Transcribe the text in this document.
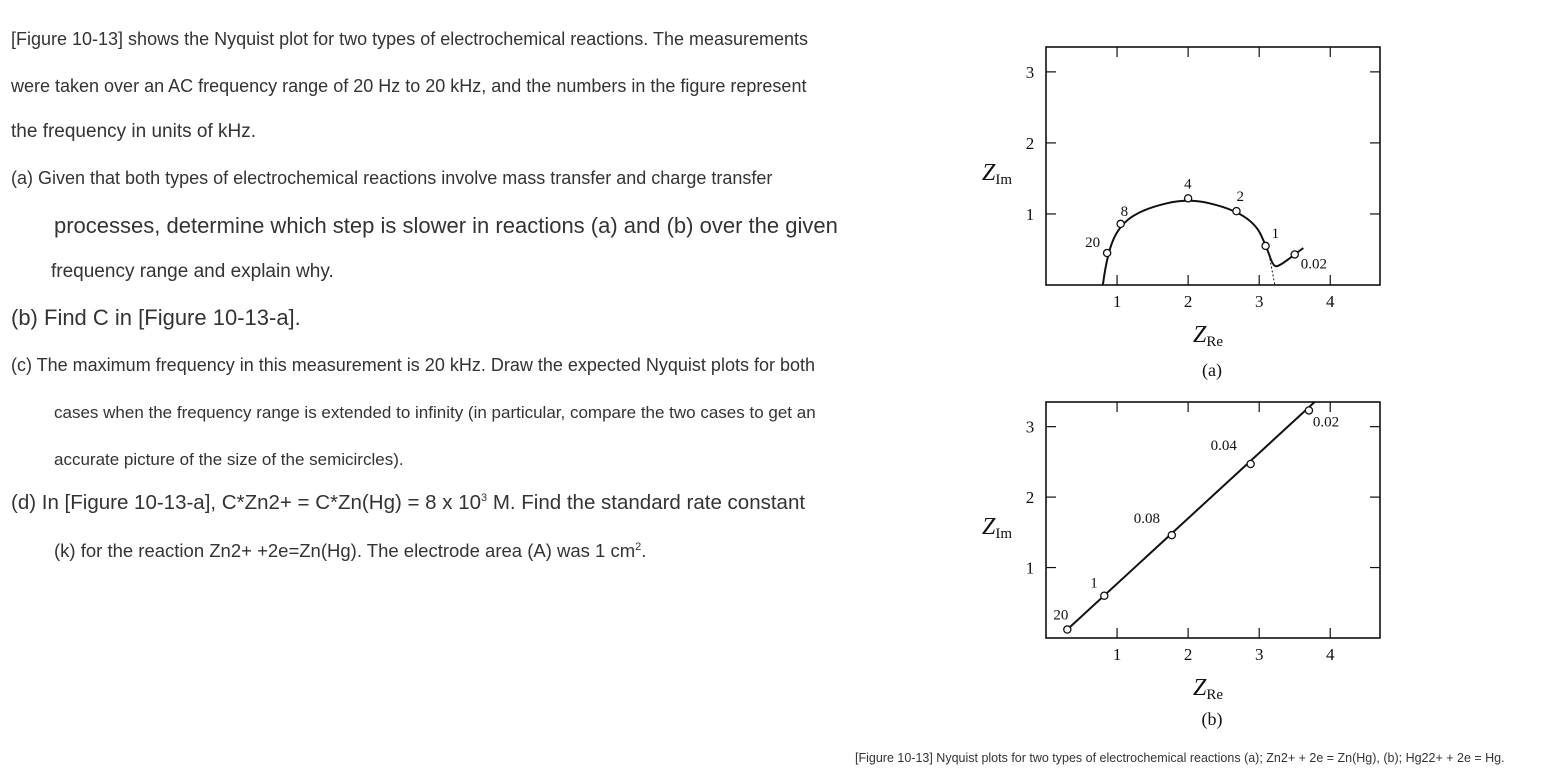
[Figure 10-13] shows the Nyquist plot for two types of electrochemical reactions. The measurements
were taken over an AC frequency range of 20 Hz to 20 kHz, and the numbers in the figure represent
the frequency in units of kHz.
(a) Given that both types of electrochemical reactions involve mass transfer and charge transfer
processes, determine which step is slower in reactions (a) and (b) over the given
frequency range and explain why.
(b) Find C in [Figure 10-13-a].
(c) The maximum frequency in this measurement is 20 kHz. Draw the expected Nyquist plots for both
cases when the frequency range is extended to infinity (in particular, compare the two cases to get an
accurate picture of the size of the semicircles).
(d) In [Figure 10-13-a], C*Zn2+ = C*Zn(Hg) = 8 x $10^3$ M. Find the standard rate constant
(k) for the reaction Zn2+ +2e=Zn(Hg). The electrode area (A) was 1 $cm^2$.
1	2	3	4
1
2
3
20
8
4
2
1
0.02
ZIm
ZRe
(a)
1	2	3	4
1
2
3
20
1
0.08
0.04
0.02
ZIm
ZRe
(b)
[Figure 10-13] Nyquist plots for two types of electrochemical reactions (a); Zn2+ + 2e = Zn(Hg), (b); Hg22+ + 2e = Hg.
